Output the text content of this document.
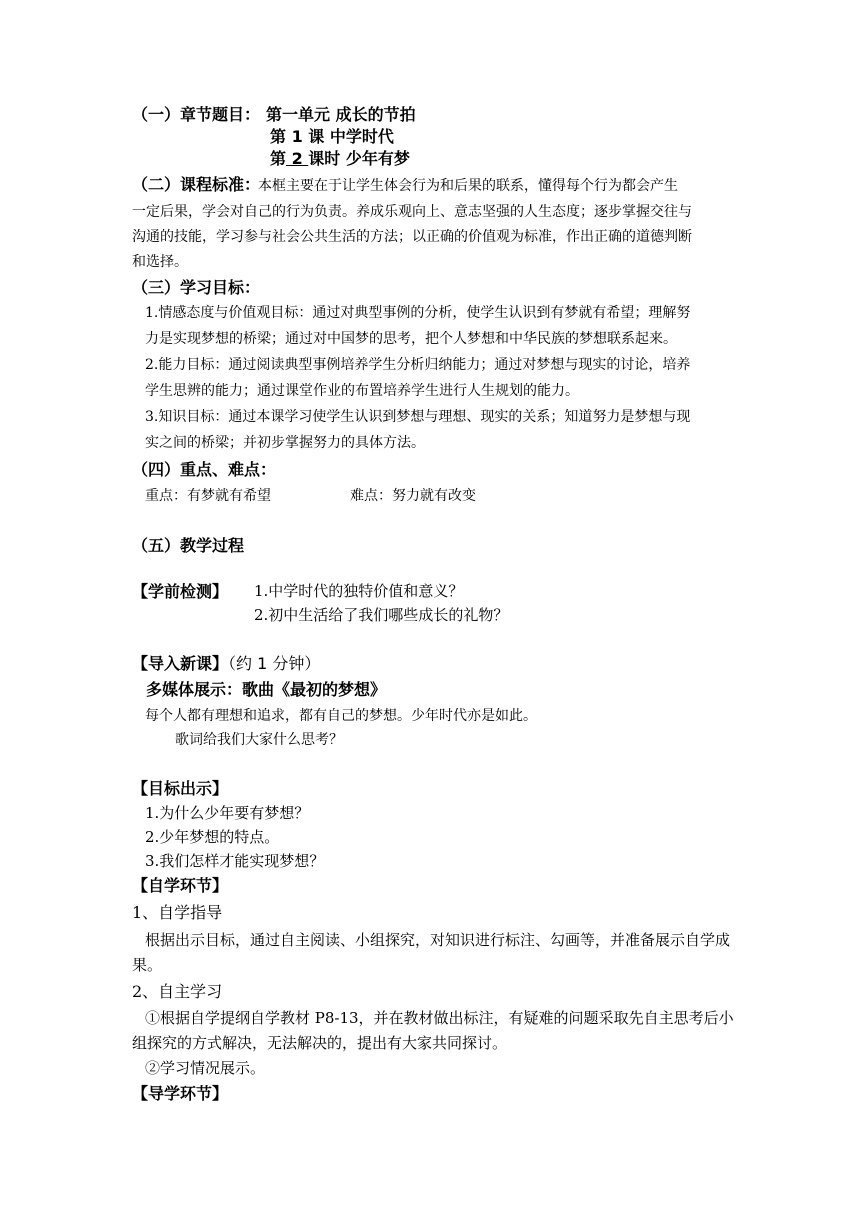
（一）章节题目： 第一单元 成长的节拍
第 1 课 中学时代
第 2 课时 少年有梦
（二）课程标准：
本框主要在于让学生体会行为和后果的联系，懂得每个行为都会产生
一定后果，学会对自己的行为负责。养成乐观向上、意志坚强的人生态度；逐步掌握交往与
沟通的技能，学习参与社会公共生活的方法；以正确的价值观为标准，作出正确的道德判断
和选择。
（三）学习目标：
1.情感态度与价值观目标：通过对典型事例的分析，使学生认识到有梦就有希望；理解努
力是实现梦想的桥梁；通过对中国梦的思考，把个人梦想和中华民族的梦想联系起来。
2.能力目标：通过阅读典型事例培养学生分析归纳能力；通过对梦想与现实的讨论，培养
学生思辨的能力；通过课堂作业的布置培养学生进行人生规划的能力。
3.知识目标：通过本课学习使学生认识到梦想与理想、现实的关系；知道努力是梦想与现
实之间的桥梁；并初步掌握努力的具体方法。
（四）重点、难点：
重点：有梦就有希望	难点：努力就有改变
（五）教学过程
【学前检测】 1.中学时代的独特价值和意义？
2.初中生活给了我们哪些成长的礼物？
【导入新课】（约 1 分钟）
多媒体展示：歌曲《最初的梦想》
每个人都有理想和追求，都有自己的梦想。少年时代亦是如此。
歌词给我们大家什么思考？
【目标出示】
1.为什么少年要有梦想？
2.少年梦想的特点。
3.我们怎样才能实现梦想？
【自学环节】
1、自学指导
根据出示目标，通过自主阅读、小组探究，对知识进行标注、勾画等，并准备展示自学成
果。
2、自主学习
①根据自学提纲自学教材 P8-13，并在教材做出标注，有疑难的问题采取先自主思考后小
组探究的方式解决，无法解决的，提出有大家共同探讨。
②学习情况展示。
【导学环节】
